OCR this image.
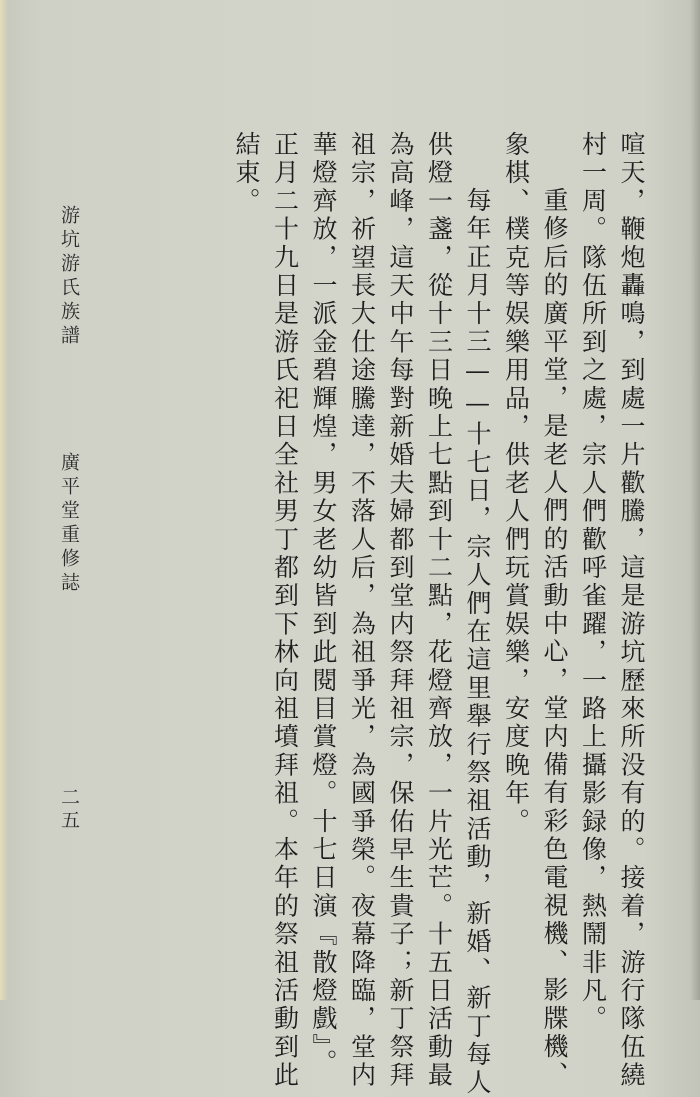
喧天，鞭炮轟鳴，到處一片歡騰，這是游坑歷來所没有的。接着，游行隊伍繞
村一周。隊伍所到之處，宗人們歡呼雀躍，一路上攝影録像，熱鬧非凡。
重修后的廣平堂，是老人們的活動中心，堂内備有彩色電視機、影牒機、
象棋、樸克等娱樂用品，供老人們玩賞娱樂，安度晚年。
每年正月十三——十七日，宗人們在這里舉行祭祖活動，新婚、新丁每人
供燈一盞，從十三日晚上七點到十二點，花燈齊放，一片光芒。十五日活動最
為高峰，這天中午每對新婚夫婦都到堂内祭拜祖宗，保佑早生貴子；新丁祭拜
祖宗，祈望長大仕途騰達，不落人后，為祖爭光，為國爭榮。夜幕降臨，堂内
華燈齊放，一派金碧輝煌，男女老幼皆到此閱目賞燈。十七日演『散燈戲』。
正月二十九日是游氏祀日全社男丁都到下林向祖墳拜祖。本年的祭祖活動到此
結束。
游坑游氏族譜
廣平堂重修誌
二五
